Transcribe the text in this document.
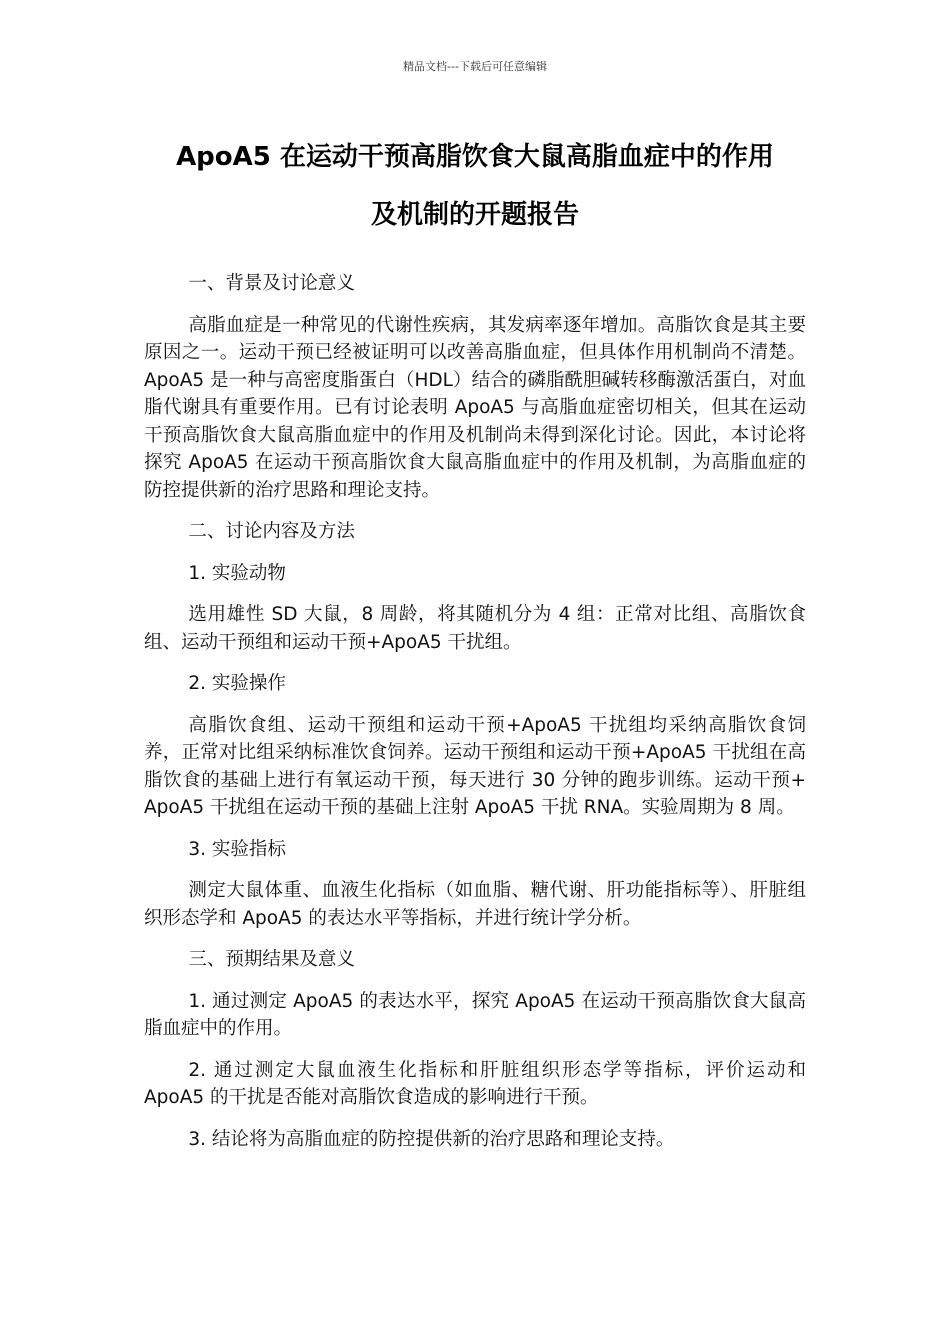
精品文档---下载后可任意编辑
ApoA5 在运动干预高脂饮食大鼠高脂血症中的作用
及机制的开题报告

一、背景及讨论意义

高脂血症是一种常见的代谢性疾病，其发病率逐年增加。高脂饮食是其主要原因之一。运动干预已经被证明可以改善高脂血症，但具体作用机制尚不清楚。ApoA5 是一种与高密度脂蛋白（HDL）结合的磷脂酰胆碱转移酶激活蛋白，对血脂代谢具有重要作用。已有讨论表明 ApoA5 与高脂血症密切相关，但其在运动干预高脂饮食大鼠高脂血症中的作用及机制尚未得到深化讨论。因此，本讨论将探究 ApoA5 在运动干预高脂饮食大鼠高脂血症中的作用及机制，为高脂血症的防控提供新的治疗思路和理论支持。

二、讨论内容及方法

1. 实验动物

选用雄性 SD 大鼠，8 周龄，将其随机分为 4 组：正常对比组、高脂饮食组、运动干预组和运动干预+ApoA5 干扰组。

2. 实验操作

高脂饮食组、运动干预组和运动干预+ApoA5 干扰组均采纳高脂饮食饲养，正常对比组采纳标准饮食饲养。运动干预组和运动干预+ApoA5 干扰组在高脂饮食的基础上进行有氧运动干预，每天进行 30 分钟的跑步训练。运动干预+ ApoA5 干扰组在运动干预的基础上注射 ApoA5 干扰 RNA。实验周期为 8 周。

3. 实验指标

测定大鼠体重、血液生化指标（如血脂、糖代谢、肝功能指标等）、肝脏组织形态学和 ApoA5 的表达水平等指标，并进行统计学分析。

三、预期结果及意义

1. 通过测定 ApoA5 的表达水平，探究 ApoA5 在运动干预高脂饮食大鼠高脂血症中的作用。

2. 通过测定大鼠血液生化指标和肝脏组织形态学等指标，评价运动和 ApoA5 的干扰是否能对高脂饮食造成的影响进行干预。

3. 结论将为高脂血症的防控提供新的治疗思路和理论支持。
